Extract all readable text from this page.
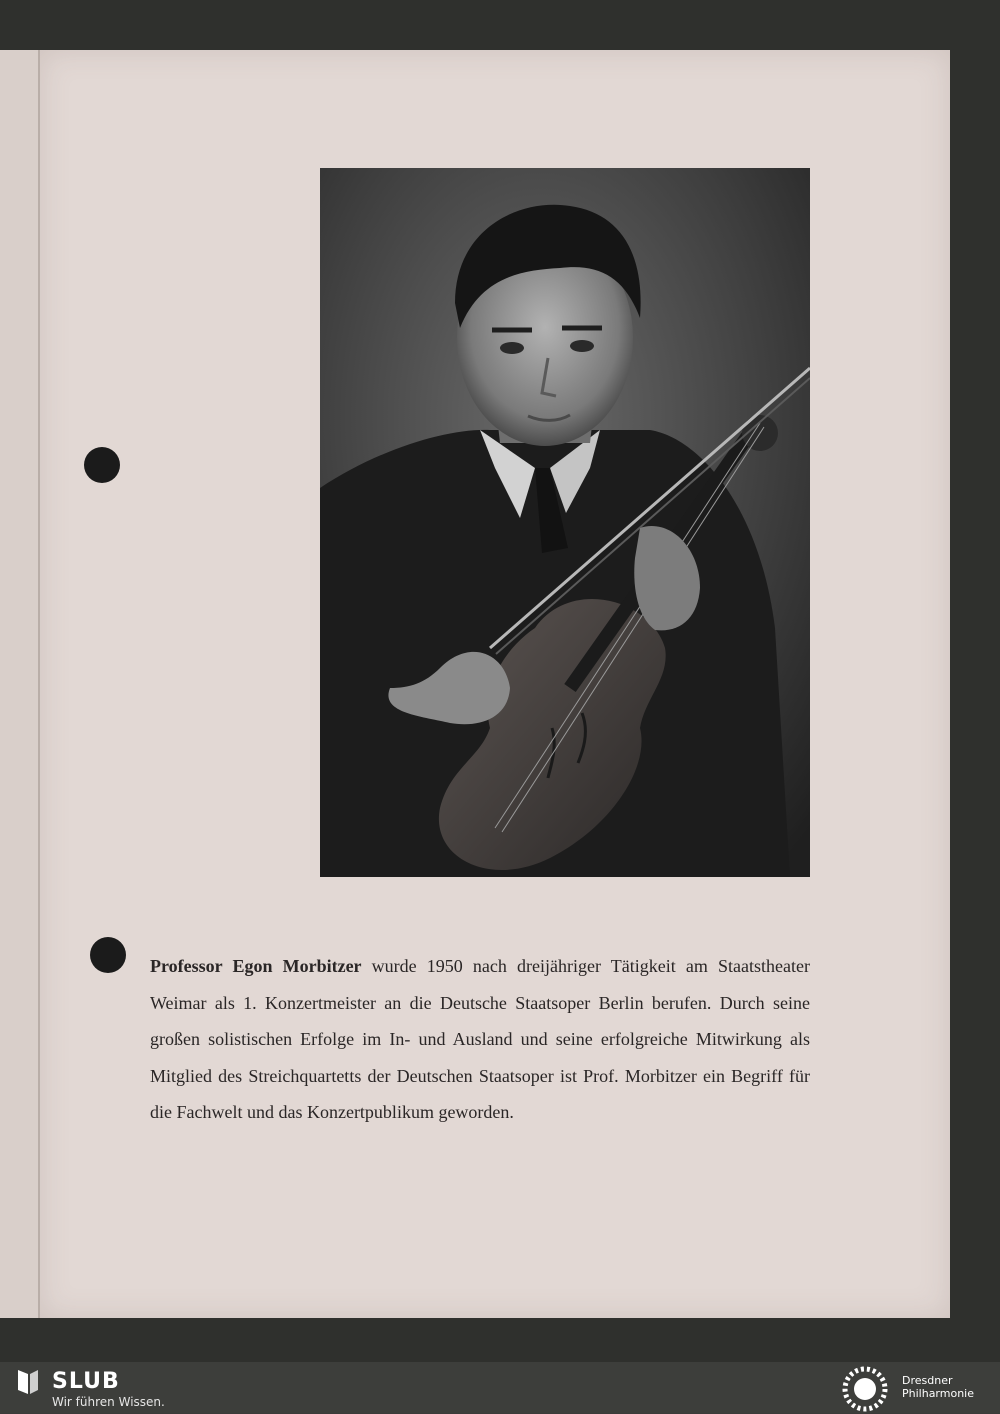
Professor Egon Morbitzer wurde 1950 nach dreijähriger Tätigkeit am Staatstheater Weimar als 1. Konzertmeister an die Deutsche Staatsoper Berlin berufen. Durch seine großen solistischen Erfolge im In- und Ausland und seine erfolgreiche Mitwirkung als Mitglied des Streichquartetts der Deutschen Staatsoper ist Prof. Morbitzer ein Begriff für die Fachwelt und das Konzertpublikum geworden.
SLUB
Wir führen Wissen.
Dresdner
Philharmonie
